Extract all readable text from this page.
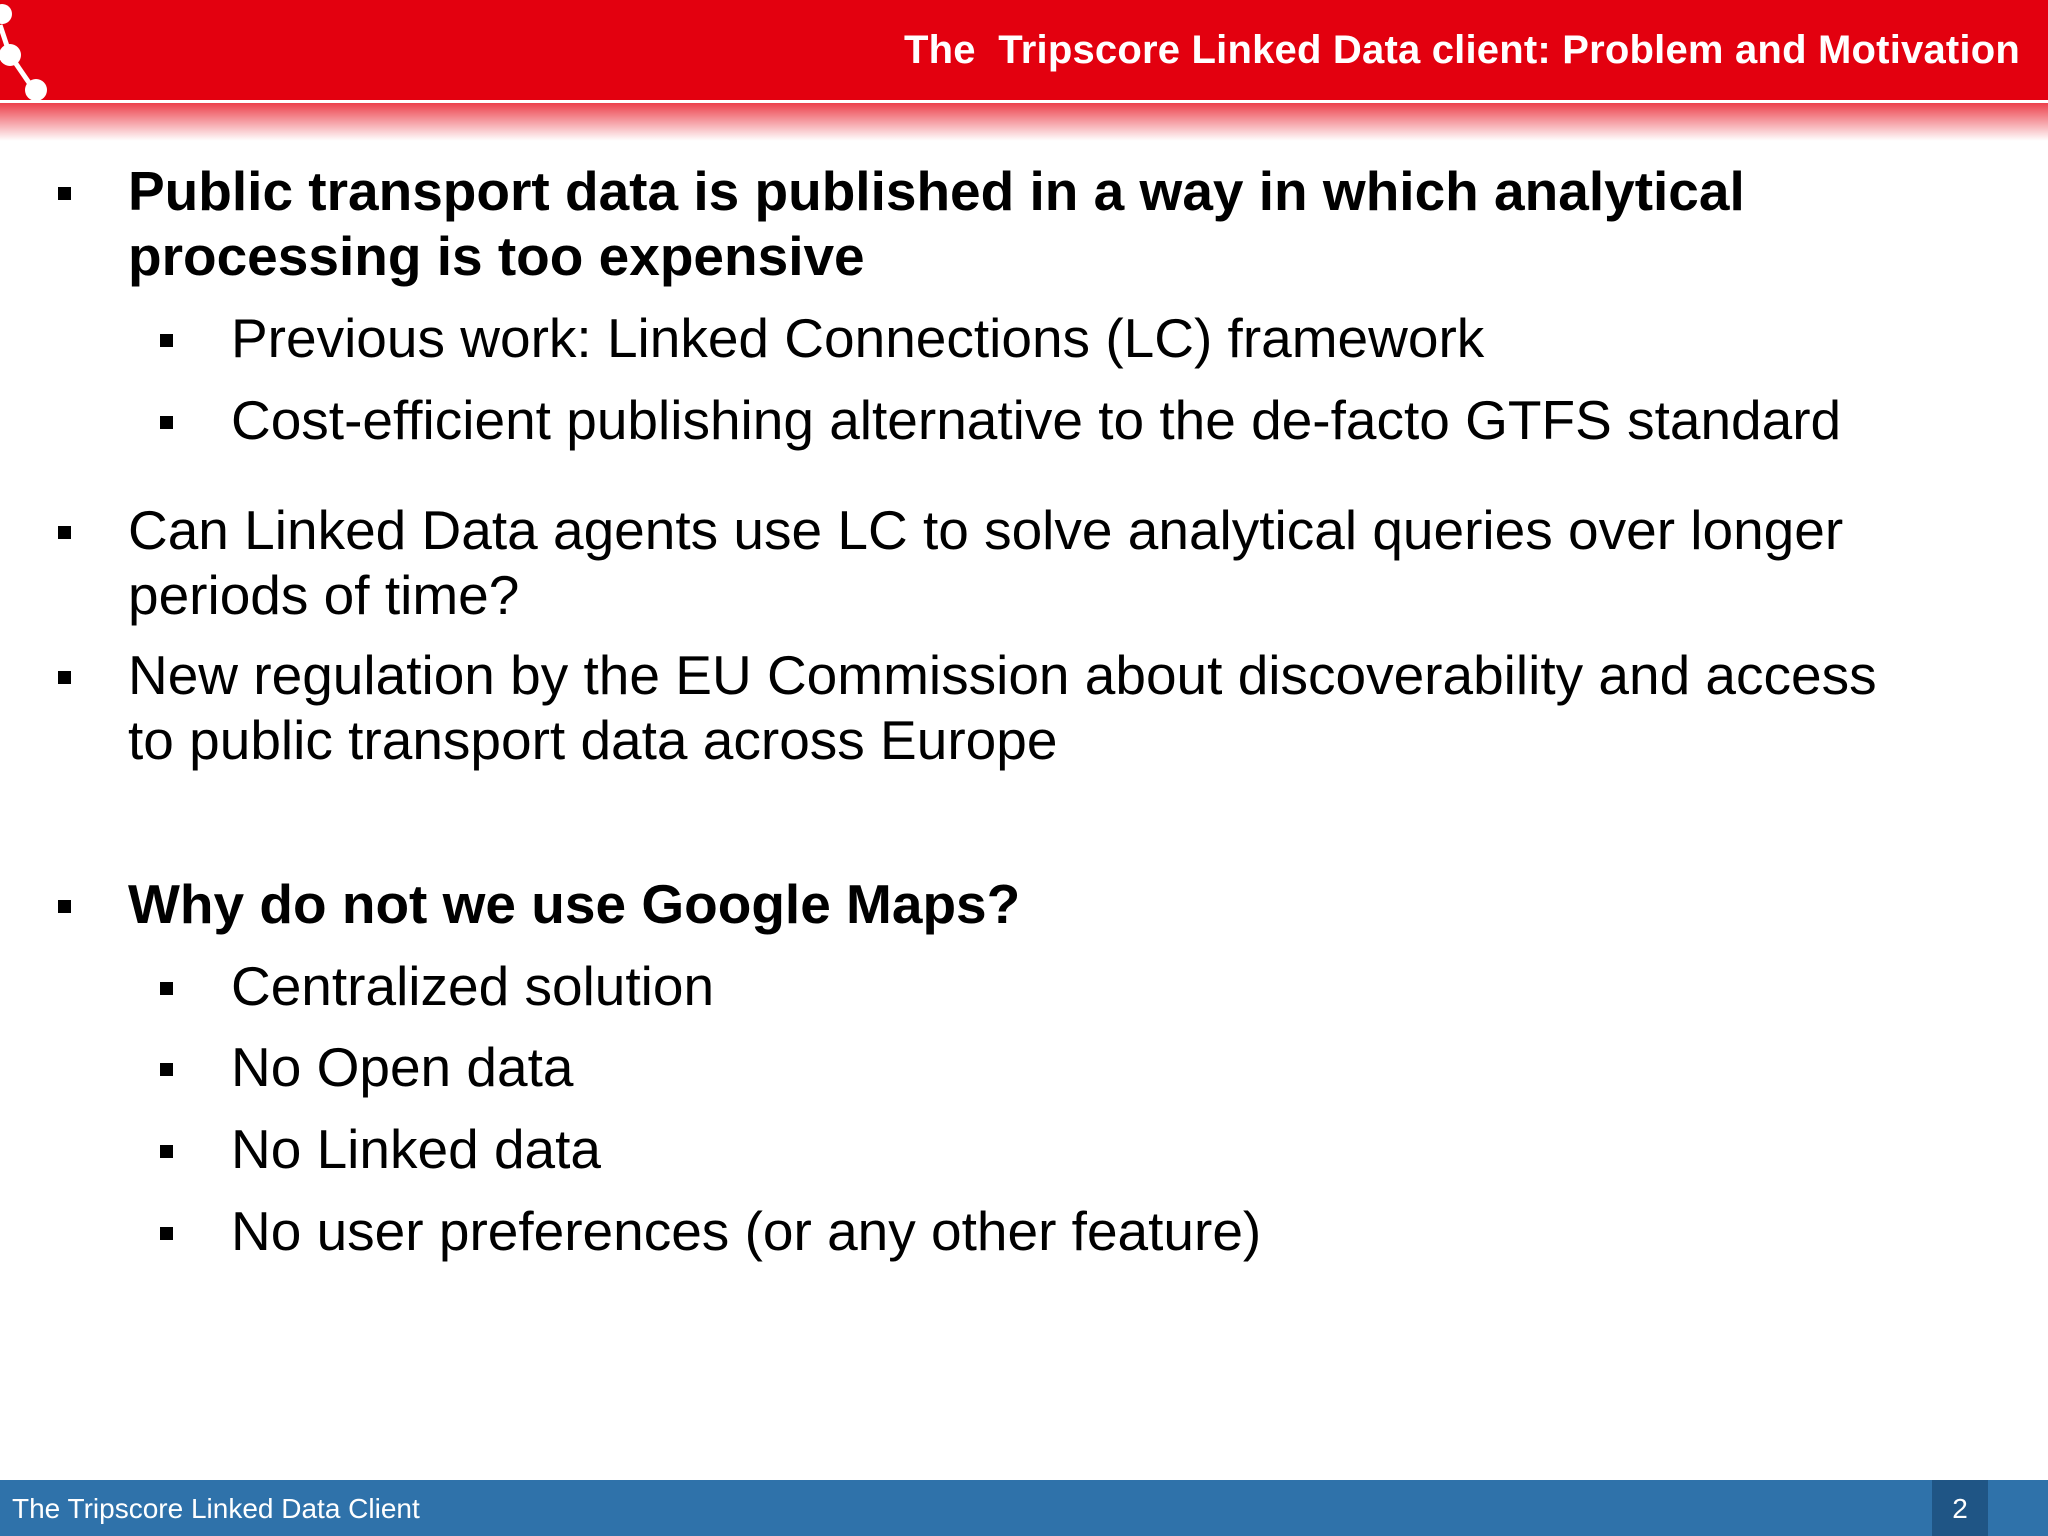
The  Tripscore Linked Data client: Problem and Motivation
Public transport data is published in a way in which analytical
processing is too expensive
Previous work: Linked Connections (LC) framework
Cost-efficient publishing alternative to the de-facto GTFS standard
Can Linked Data agents use LC to solve analytical queries over longer
periods of time?
New regulation by the EU Commission about discoverability and access
to public transport data across Europe
Why do not we use Google Maps?
Centralized solution
No Open data
No Linked data
No user preferences (or any other feature)
The Tripscore Linked Data Client	2
